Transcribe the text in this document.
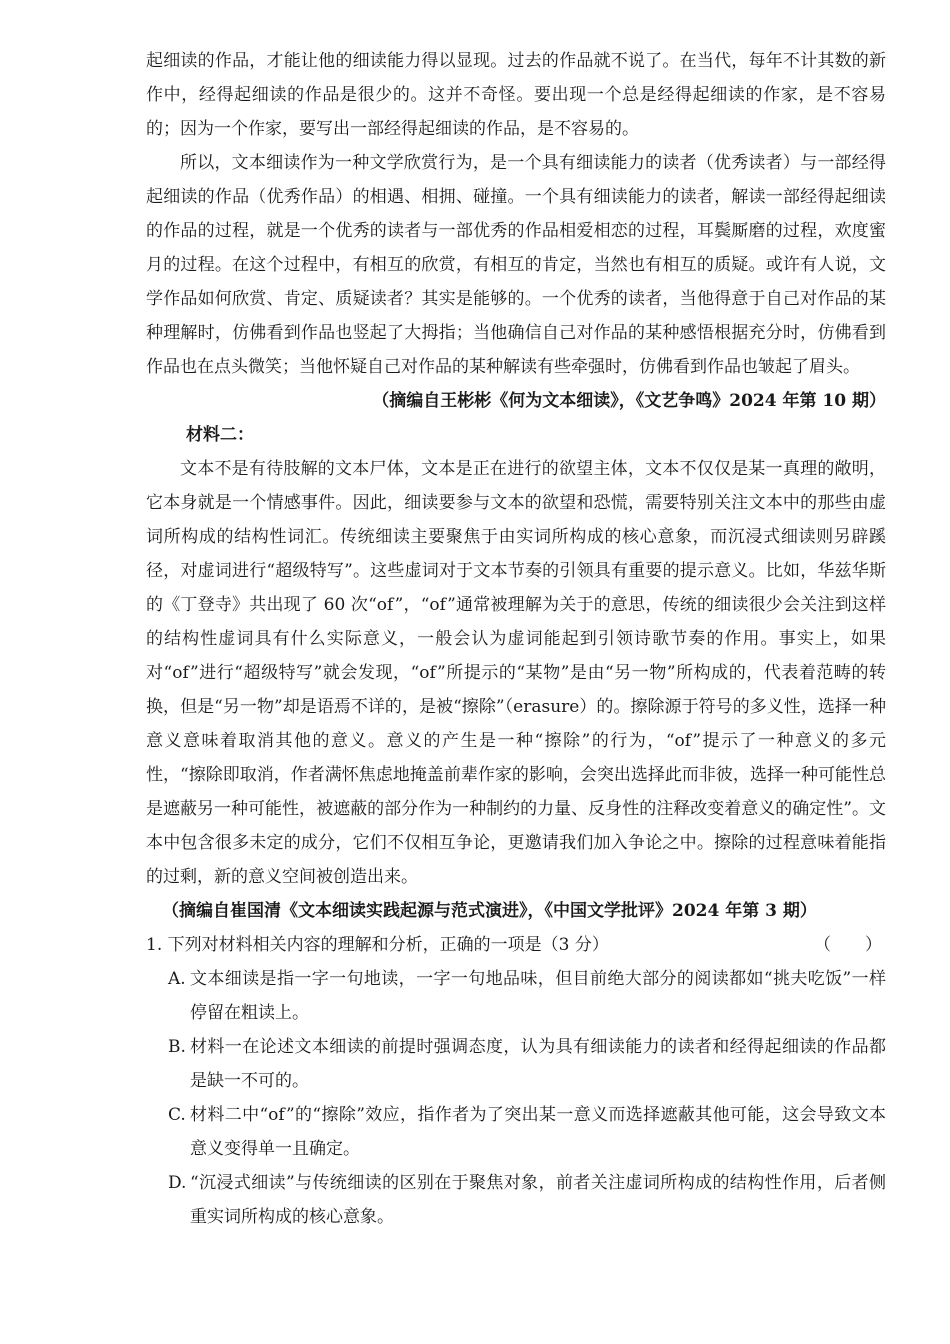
起细读的作品，才能让他的细读能力得以显现。过去的作品就不说了。在当代，每年不计其数的新作中，经得起细读的作品是很少的。这并不奇怪。要出现一个总是经得起细读的作家，是不容易的；因为一个作家，要写出一部经得起细读的作品，是不容易的。

所以，文本细读作为一种文学欣赏行为，是一个具有细读能力的读者（优秀读者）与一部经得起细读的作品（优秀作品）的相遇、相拥、碰撞。一个具有细读能力的读者，解读一部经得起细读的作品的过程，就是一个优秀的读者与一部优秀的作品相爱相恋的过程，耳鬓厮磨的过程，欢度蜜月的过程。在这个过程中，有相互的欣赏，有相互的肯定，当然也有相互的质疑。或许有人说，文学作品如何欣赏、肯定、质疑读者？其实是能够的。一个优秀的读者，当他得意于自己对作品的某种理解时，仿佛看到作品也竖起了大拇指；当他确信自己对作品的某种感悟根据充分时，仿佛看到作品也在点头微笑；当他怀疑自己对作品的某种解读有些牵强时，仿佛看到作品也皱起了眉头。

（摘编自王彬彬《何为文本细读》，《文艺争鸣》2024 年第 10 期）

材料二：

文本不是有待肢解的文本尸体，文本是正在进行的欲望主体，文本不仅仅是某一真理的敞明，它本身就是一个情感事件。因此，细读要参与文本的欲望和恐慌，需要特别关注文本中的那些由虚词所构成的结构性词汇。传统细读主要聚焦于由实词所构成的核心意象，而沉浸式细读则另辟蹊径，对虚词进行“超级特写”。这些虚词对于文本节奏的引领具有重要的提示意义。比如，华兹华斯的《丁登寺》共出现了 60 次“of”，“of”通常被理解为关于的意思，传统的细读很少会关注到这样的结构性虚词具有什么实际意义，一般会认为虚词能起到引领诗歌节奏的作用。事实上，如果对“of”进行“超级特写”就会发现，“of”所提示的“某物”是由“另一物”所构成的，代表着范畴的转换，但是“另一物”却是语焉不详的，是被“擦除”（erasure）的。擦除源于符号的多义性，选择一种意义意味着取消其他的意义。意义的产生是一种“擦除”的行为，“of”提示了一种意义的多元性，“擦除即取消，作者满怀焦虑地掩盖前辈作家的影响，会突出选择此而非彼，选择一种可能性总是遮蔽另一种可能性，被遮蔽的部分作为一种制约的力量、反身性的注释改变着意义的确定性”。文本中包含很多未定的成分，它们不仅相互争论，更邀请我们加入争论之中。擦除的过程意味着能指的过剩，新的意义空间被创造出来。

（摘编自崔国清《文本细读实践起源与范式演进》，《中国文学批评》2024 年第 3 期）

1. 下列对材料相关内容的理解和分析，正确的一项是（3 分）	（　　）
A. 文本细读是指一字一句地读，一字一句地品味，但目前绝大部分的阅读都如“挑夫吃饭”一样停留在粗读上。
B. 材料一在论述文本细读的前提时强调态度，认为具有细读能力的读者和经得起细读的作品都是缺一不可的。
C. 材料二中“of”的“擦除”效应，指作者为了突出某一意义而选择遮蔽其他可能，这会导致文本意义变得单一且确定。
D. “沉浸式细读”与传统细读的区别在于聚焦对象，前者关注虚词所构成的结构性作用，后者侧重实词所构成的核心意象。
